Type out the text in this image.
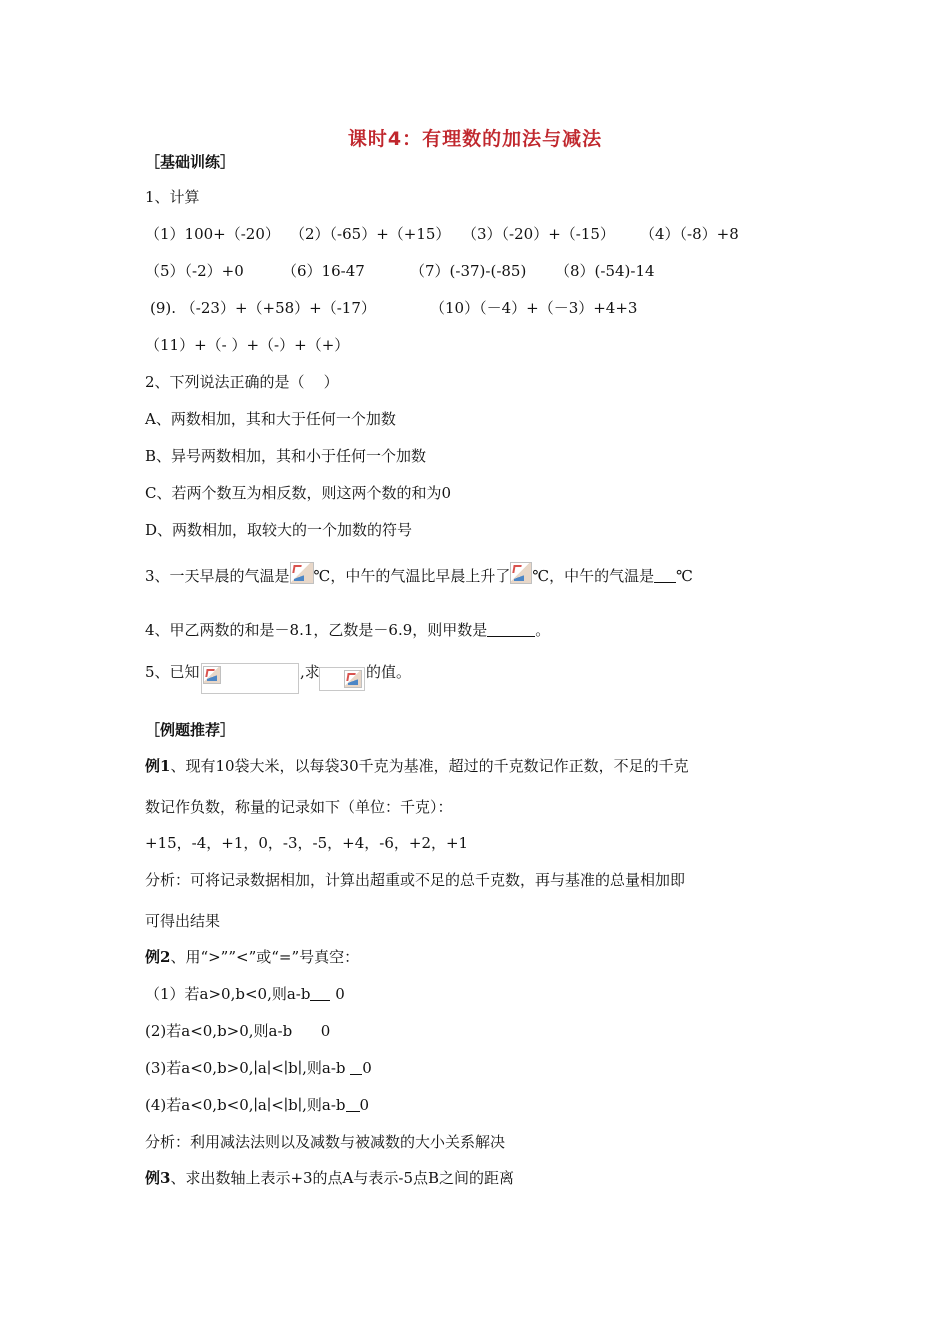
课时4：有理数的加法与减法
［基础训练］
1、计算
（1）100+（-20） （2）（-65）+（+15） （3）（-20）+（-15） （4）（-8）+8
（5）（-2）+0	（6）16-47	（7）(-37)-(-85) （8）(-54)-14
(9). （-23）+（+58）+（-17）	（10）（－4）+（－3）+4+3
（11）+（- ）+（-）+（+）
2、下列说法正确的是（    ）
A、两数相加，其和大于任何一个加数
B、异号两数相加，其和小于任何一个加数
C、若两个数互为相反数，则这两个数的和为0
D、两数相加，取较大的一个加数的符号
3、一天早晨的气温是 ℃，中午的气温比早晨上升了 ℃，中午的气温是 ℃
4、甲乙两数的和是－8.1，乙数是－6.9，则甲数是	。
5、已知
	,求	的值。
［例题推荐］
例1、现有10袋大米，以每袋30千克为基准，超过的千克数记作正数，不足的千克
数记作负数，称量的记录如下（单位：千克）：
+15，-4，+1，0，-3，-5，+4，-6，+2，+1
分析：可将记录数据相加，计算出超重或不足的总千克数，再与基准的总量相加即
可得出结果
例2、用“>””<”或“=”号真空：
（1）若a>0,b<0,则a-b 0
(2)若a<0,b>0,则a-b      0
(3)若a<0,b>0,∣a∣<∣b∣,则a-b 0
(4)若a<0,b<0,∣a∣<∣b∣,则a-b 0
分析：利用减法法则以及减数与被减数的大小关系解决
例3、求出数轴上表示+3的点A与表示-5点B之间的距离
